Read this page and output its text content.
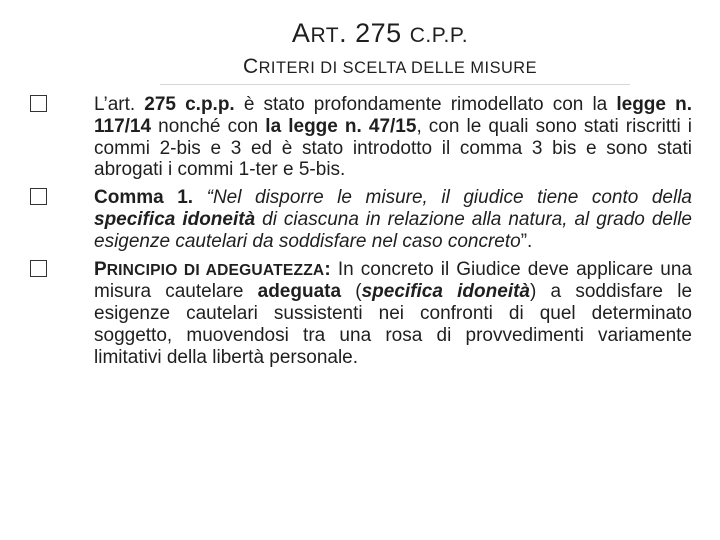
ART. 275 C.P.P.
CRITERI DI SCELTA DELLE MISURE
L’art. 275 c.p.p. è stato profondamente rimodellato con la legge n. 117/14 nonché con la legge n. 47/15, con le quali sono stati riscritti i commi 2-bis e 3 ed è stato introdotto il comma 3 bis e sono stati abrogati i commi 1-ter e 5-bis.
Comma 1. “Nel disporre le misure, il giudice tiene conto della specifica idoneità di ciascuna in relazione alla natura, al grado delle esigenze cautelari da soddisfare nel caso concreto”.
PRINCIPIO DI ADEGUATEZZA: In concreto il Giudice deve applicare una misura cautelare adeguata (specifica idoneità) a soddisfare le esigenze cautelari sussistenti nei confronti di quel determinato soggetto, muovendosi tra una rosa di provvedimenti variamente limitativi della libertà personale.
